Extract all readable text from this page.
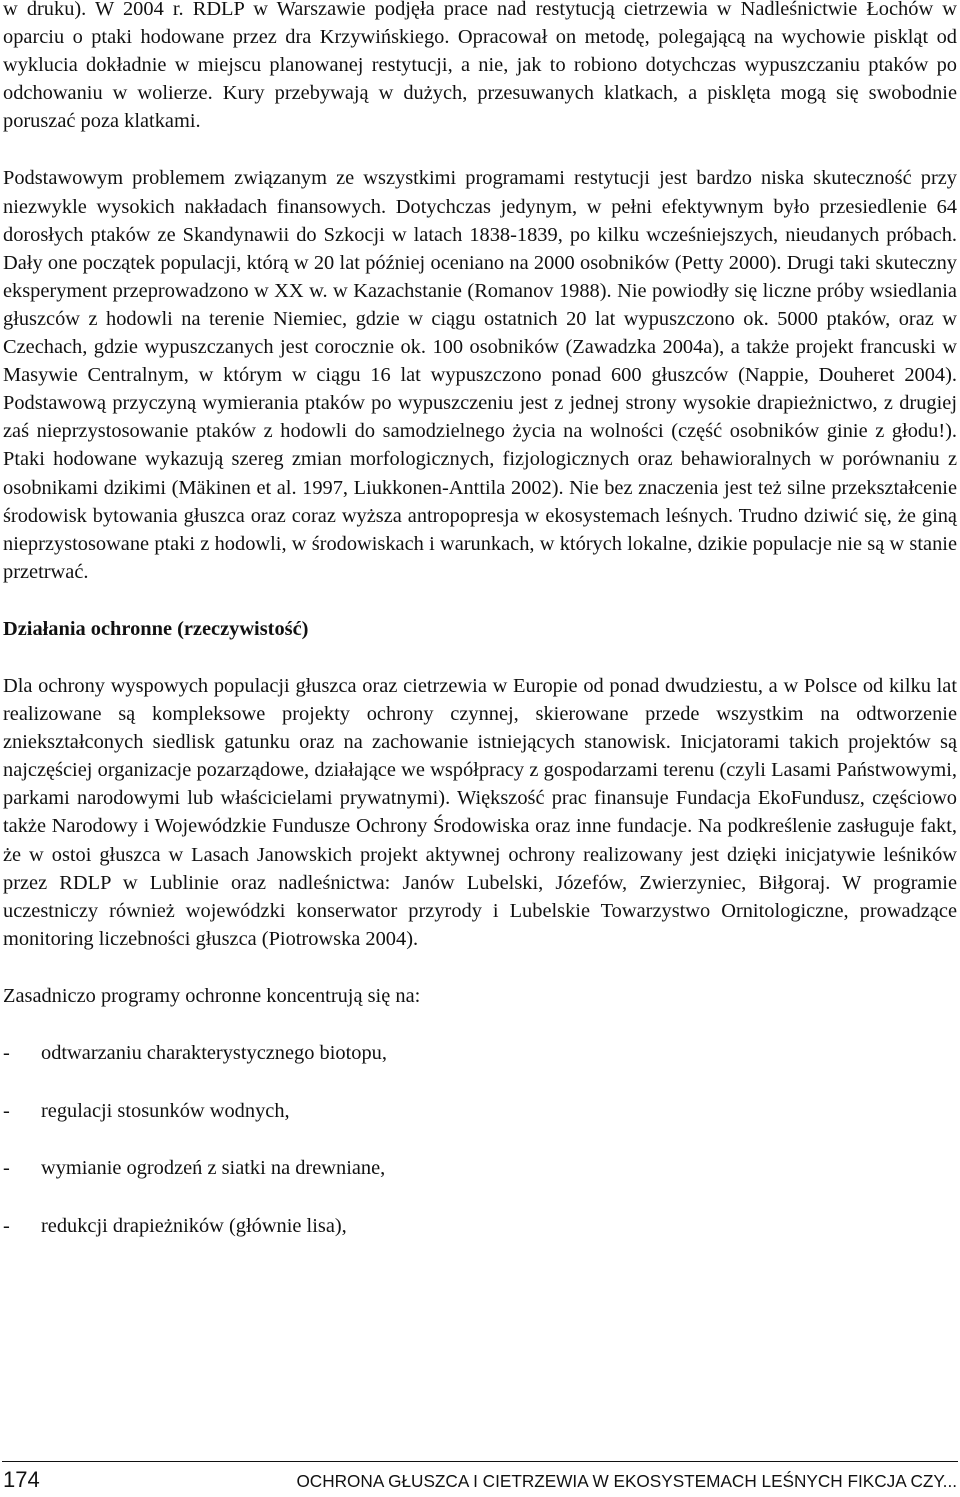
w druku). W 2004 r. RDLP w Warszawie podjęła prace nad restytucją cietrzewia w Nadleśnictwie Łochów w oparciu o ptaki hodowane przez dra Krzywińskiego. Opracował on metodę, polegającą na wychowie piskląt od wyklucia dokładnie w miejscu planowanej restytucji, a nie, jak to robiono dotychczas wypuszczaniu ptaków po odchowaniu w wolierze. Kury przebywają w dużych, przesuwanych klatkach, a pisklęta mogą się swobodnie poruszać poza klatkami.

Podstawowym problemem związanym ze wszystkimi programami restytucji jest bardzo niska skuteczność przy niezwykle wysokich nakładach finansowych. Dotychczas jedynym, w pełni efektywnym było przesiedlenie 64 dorosłych ptaków ze Skandynawii do Szkocji w latach 1838-1839, po kilku wcześniejszych, nieudanych próbach. Dały one początek populacji, którą w 20 lat później oceniano na 2000 osobników (Petty 2000). Drugi taki skuteczny eksperyment przeprowadzono w XX w. w Kazachstanie (Romanov 1988). Nie powiodły się liczne próby wsiedlania głuszców z hodowli na terenie Niemiec, gdzie w ciągu ostatnich 20 lat wypuszczono ok. 5000 ptaków, oraz w Czechach, gdzie wypuszczanych jest corocznie ok. 100 osobników (Zawadzka 2004a), a także projekt francuski w Masywie Centralnym, w którym w ciągu 16 lat wypuszczono ponad 600 głuszców (Nappie, Douheret 2004). Podstawową przyczyną wymierania ptaków po wypuszczeniu jest z jednej strony wysokie drapieżnictwo, z drugiej zaś nieprzystosowanie ptaków z hodowli do samodzielnego życia na wolności (część osobników ginie z głodu!). Ptaki hodowane wykazują szereg zmian morfologicznych, fizjologicznych oraz behawioralnych w porównaniu z osobnikami dzikimi (Mäkinen et al. 1997, Liukkonen-Anttila 2002). Nie bez znaczenia jest też silne przekształcenie środowisk bytowania głuszca oraz coraz wyższa antropopresja w ekosystemach leśnych. Trudno dziwić się, że giną nieprzystosowane ptaki z hodowli, w środowiskach i warunkach, w których lokalne, dzikie populacje nie są w stanie przetrwać.

Działania ochronne (rzeczywistość)

Dla ochrony wyspowych populacji głuszca oraz cietrzewia w Europie od ponad dwudziestu, a w Polsce od kilku lat realizowane są kompleksowe projekty ochrony czynnej, skierowane przede wszystkim na odtworzenie zniekształconych siedlisk gatunku oraz na zachowanie istniejących stanowisk. Inicjatorami takich projektów są najczęściej organizacje pozarządowe, działające we współpracy z gospodarzami terenu (czyli Lasami Państwowymi, parkami narodowymi lub właścicielami prywatnymi). Większość prac finansuje Fundacja EkoFundusz, częściowo także Narodowy i Wojewódzkie Fundusze Ochrony Środowiska oraz inne fundacje. Na podkreślenie zasługuje fakt, że w ostoi głuszca w Lasach Janowskich projekt aktywnej ochrony realizowany jest dzięki inicjatywie leśników przez RDLP w Lublinie oraz nadleśnictwa: Janów Lubelski, Józefów, Zwierzyniec, Biłgoraj. W programie uczestniczy również wojewódzki konserwator przyrody i Lubelskie Towarzystwo Ornitologiczne, prowadzące monitoring liczebności głuszca (Piotrowska 2004).

Zasadniczo programy ochronne koncentrują się na:

-	odtwarzaniu charakterystycznego biotopu,
-	regulacji stosunków wodnych,
-	wymianie ogrodzeń z siatki na drewniane,
-	redukcji drapieżników (głównie lisa),
174	OCHRONA GŁUSZCA I CIETRZEWIA W EKOSYSTEMACH LEŚNYCH FIKCJA CZY...
